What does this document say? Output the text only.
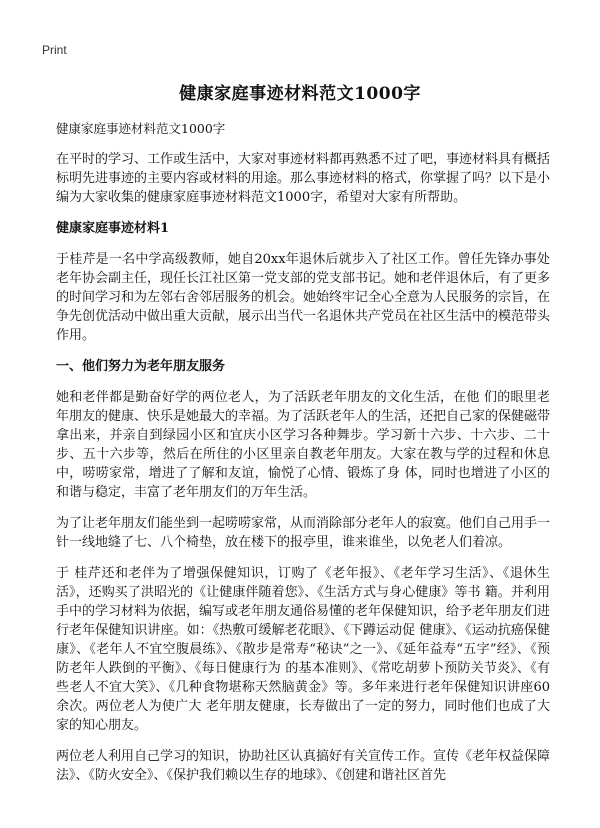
Print
健康家庭事迹材料范文1000字

健康家庭事迹材料范文1000字

在平时的学习、工作或生活中，大家对事迹材料都再熟悉不过了吧，事迹材料具有概括标明先进事迹的主要内容或材料的用途。那么事迹材料的格式，你掌握了吗？以下是小编为大家收集的健康家庭事迹材料范文1000字，希望对大家有所帮助。

健康家庭事迹材料1

于桂芹是一名中学高级教师，她自20xx年退休后就步入了社区工作。曾任先锋办事处老年协会副主任，现任长江社区第一党支部的党支部书记。她和老伴退休后，有了更多的时间学习和为左邻右舍邻居服务的机会。她始终牢记全心全意为人民服务的宗旨，在争先创优活动中做出重大贡献，展示出当代一名退休共产党员在社区生活中的模范带头作用。

一、他们努力为老年朋友服务

她和老伴都是勤奋好学的两位老人，为了活跃老年朋友的文化生活，在他 们的眼里老年朋友的健康、快乐是她最大的幸福。为了活跃老年人的生活，还把自己家的保健磁带拿出来，并亲自到绿园小区和宜庆小区学习各种舞步。学习新十六步、十六步、二十步、五十六步等，然后在所住的小区里亲自教老年朋友。大家在教与学的过程和休息中，唠唠家常，增进了了解和友谊，愉悦了心情、锻炼了身 体，同时也增进了小区的和谐与稳定，丰富了老年朋友们的万年生活。

为了让老年朋友们能坐到一起唠唠家常，从而消除部分老年人的寂寞。他们自己用手一针一线地缝了七、八个椅垫，放在楼下的报亭里，谁来谁坐，以免老人们着凉。

于 桂芹还和老伴为了增强保健知识，订购了《老年报》、《老年学习生活》、《退休生活》，还购买了洪昭光的《让健康伴随着您》、《生活方式与身心健康》等书 籍。并利用手中的学习材料为依据，编写或老年朋友通俗易懂的老年保健知识，给予老年朋友们进行老年保健知识讲座。如：《热敷可缓解老花眼》、《下蹲运动促 健康》、《运动抗癌保健康》、《老年人不宜空腹晨练》、《散步是常寿“秘诀”之一》、《延年益寿“五字”经》、《预防老年人跌倒的平衡》、《每日健康行为 的基本准则》、《常吃胡萝卜预防关节炎》、《有些老人不宜大笑》、《几种食物堪称天然脑黄金》等。多年来进行老年保健知识讲座60余次。两位老人为使广大 老年朋友健康，长寿做出了一定的努力，同时他们也成了大家的知心朋友。

两位老人利用自己学习的知识，协助社区认真搞好有关宣传工作。宣传《老年权益保障法》、《防火安全》、《保护我们赖以生存的地球》、《创建和谐社区首先
